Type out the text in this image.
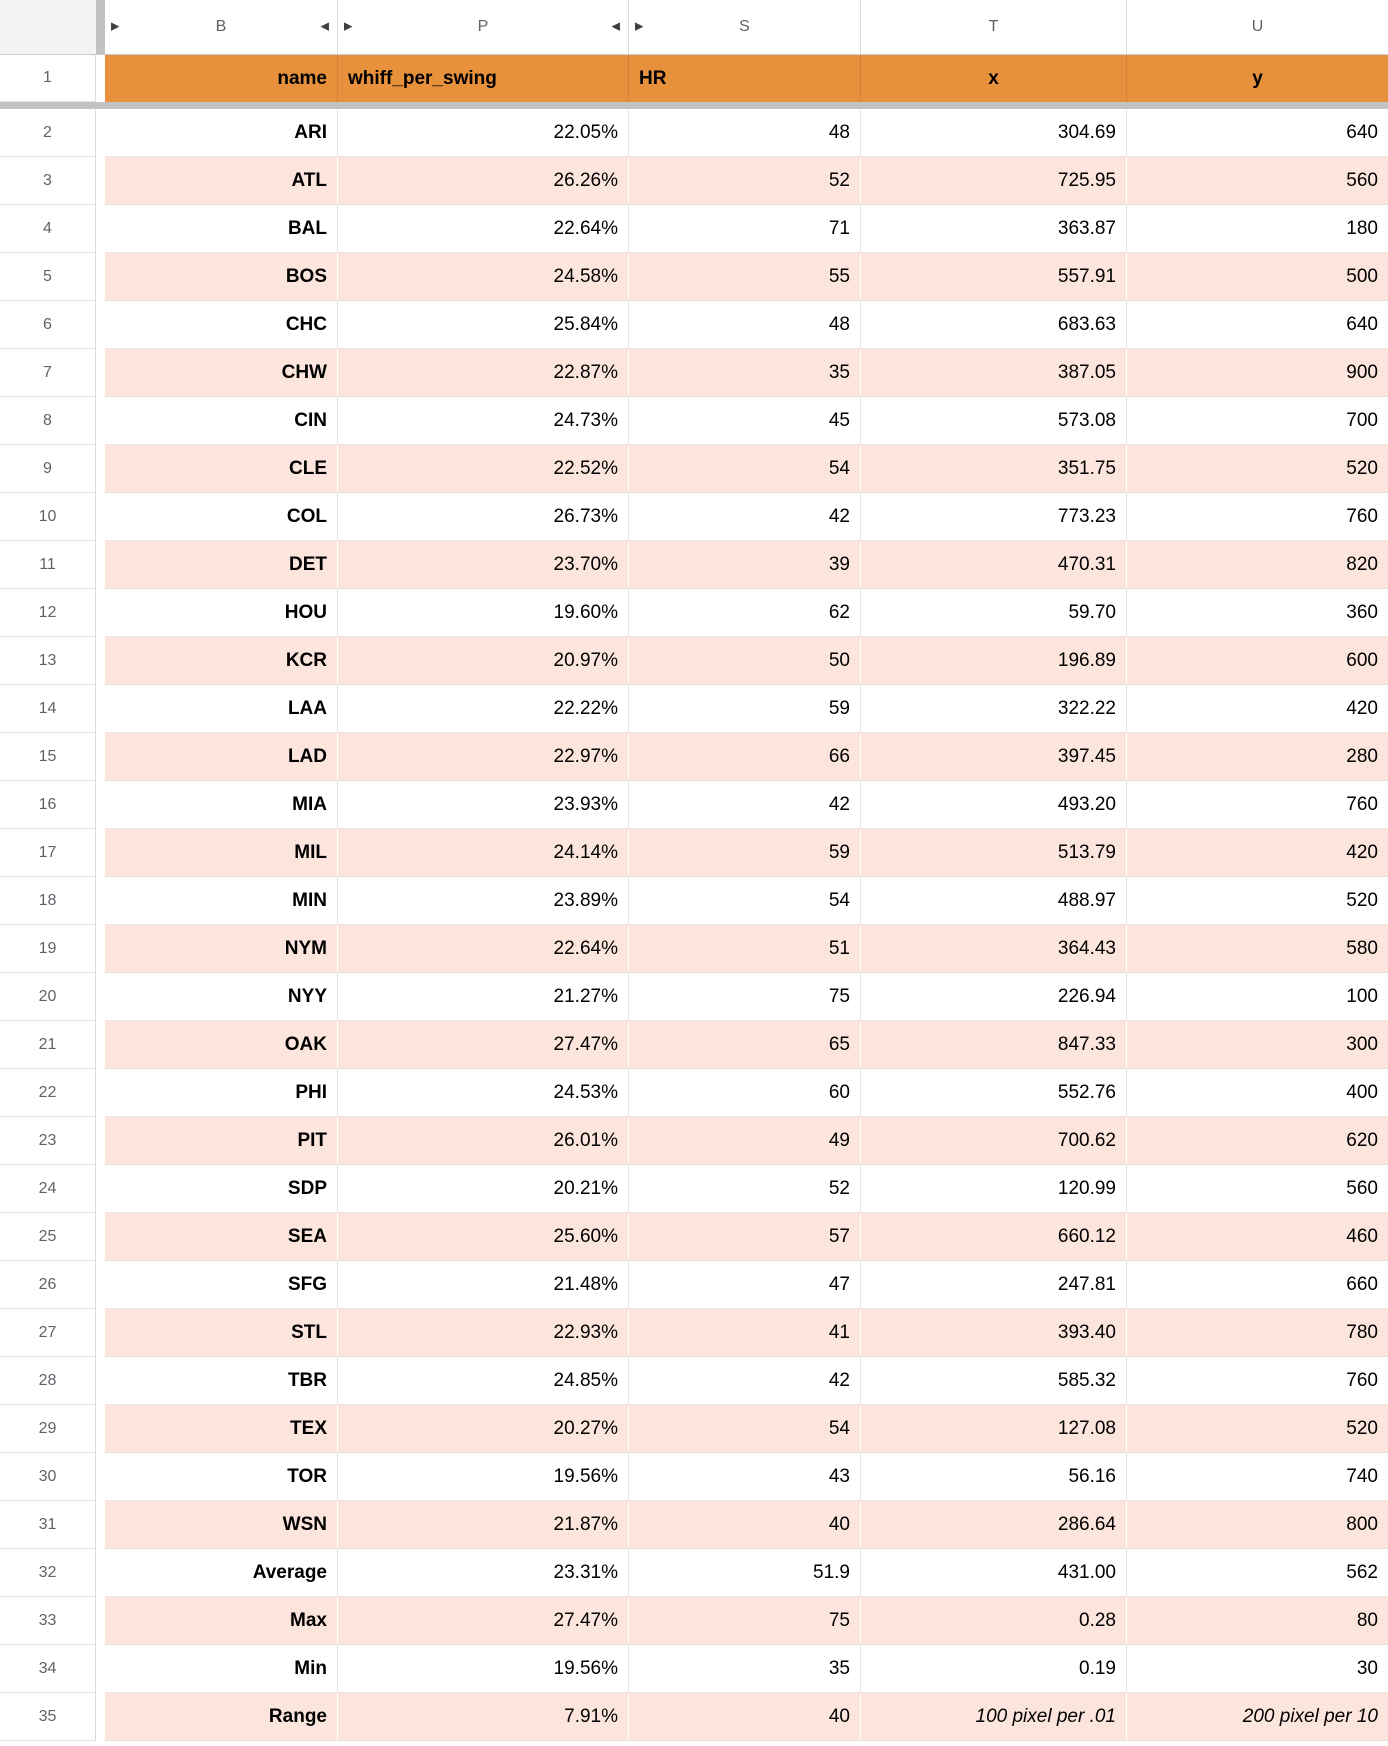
▶	B	◀ ▶	P	◀ ▶	S	T	U
1	name	whiff_per_swing	HR	x	y
2	ARI	22.05%	48	304.69	640
3	ATL	26.26%	52	725.95	560
4	BAL	22.64%	71	363.87	180
5	BOS	24.58%	55	557.91	500
6	CHC	25.84%	48	683.63	640
7	CHW	22.87%	35	387.05	900
8	CIN	24.73%	45	573.08	700
9	CLE	22.52%	54	351.75	520
10	COL	26.73%	42	773.23	760
11	DET	23.70%	39	470.31	820
12	HOU	19.60%	62	59.70	360
13	KCR	20.97%	50	196.89	600
14	LAA	22.22%	59	322.22	420
15	LAD	22.97%	66	397.45	280
16	MIA	23.93%	42	493.20	760
17	MIL	24.14%	59	513.79	420
18	MIN	23.89%	54	488.97	520
19	NYM	22.64%	51	364.43	580
20	NYY	21.27%	75	226.94	100
21	OAK	27.47%	65	847.33	300
22	PHI	24.53%	60	552.76	400
23	PIT	26.01%	49	700.62	620
24	SDP	20.21%	52	120.99	560
25	SEA	25.60%	57	660.12	460
26	SFG	21.48%	47	247.81	660
27	STL	22.93%	41	393.40	780
28	TBR	24.85%	42	585.32	760
29	TEX	20.27%	54	127.08	520
30	TOR	19.56%	43	56.16	740
31	WSN	21.87%	40	286.64	800
32	Average	23.31%	51.9	431.00	562
33	Max	27.47%	75	0.28	80
34	Min	19.56%	35	0.19	30
35	Range	7.91%	40	100 pixel per .01	200 pixel per 10
